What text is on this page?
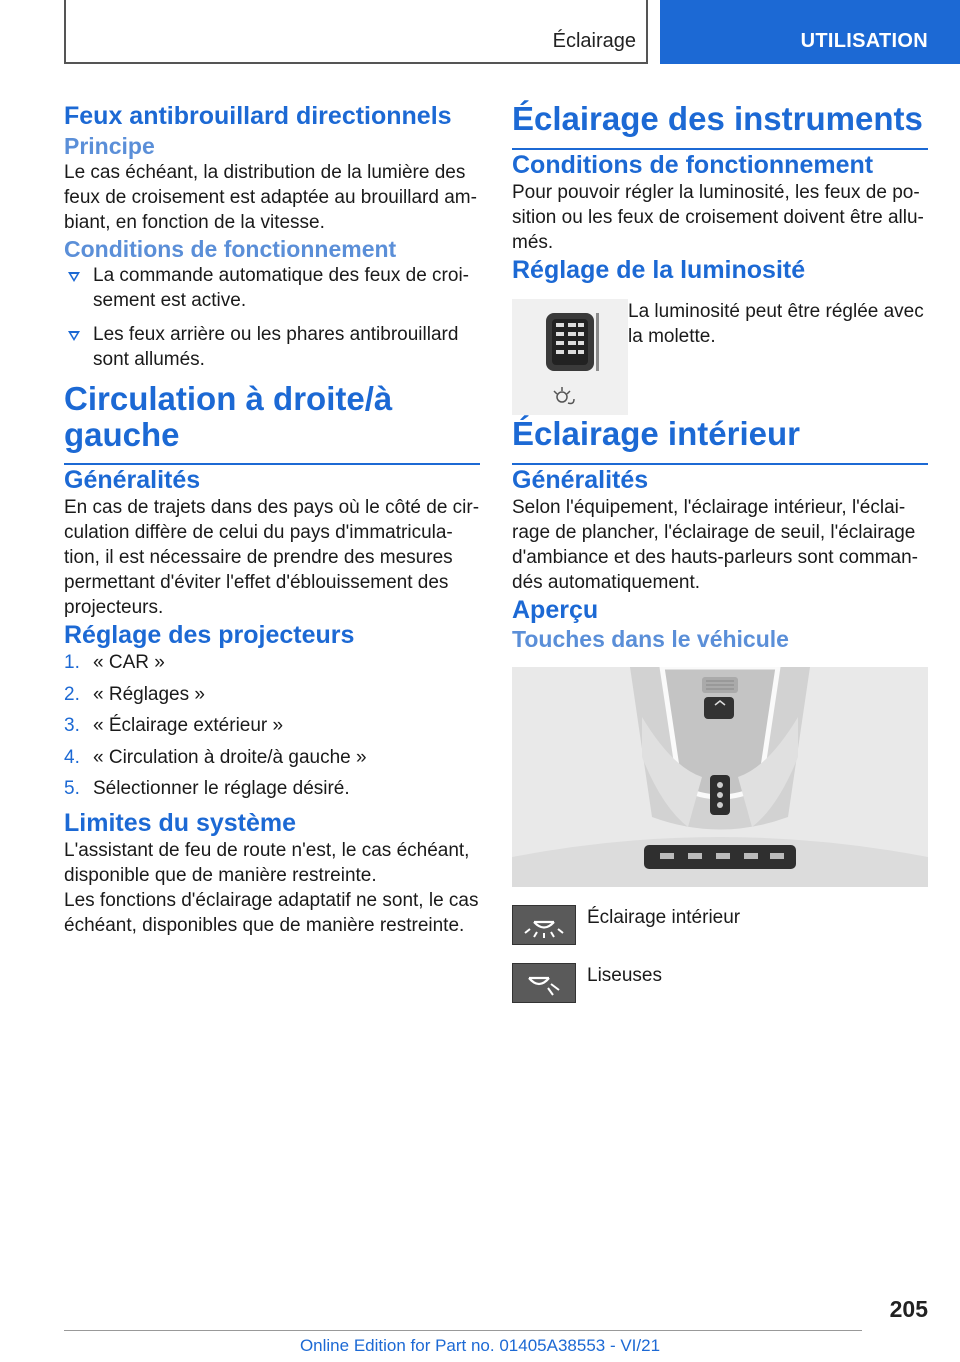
Éclairage	UTILISATION
Feux antibrouillard directionnels
Principe

Le cas échéant, la distribution de la lumière des feux de croisement est adaptée au brouillard am-biant, en fonction de la vitesse.

Conditions de fonctionnement
La commande automatique des feux de croi-sement est active.
Les feux arrière ou les phares antibrouillard sont allumés.
Circulation à droite/à gauche
Généralités

En cas de trajets dans des pays où le côté de cir-culation diffère de celui du pays d'immatricula-tion, il est nécessaire de prendre des mesures permettant d'éviter l'effet d'éblouissement des projecteurs.

Réglage des projecteurs
1. « CAR »
2. « Réglages »
3. « Éclairage extérieur »
4. « Circulation à droite/à gauche »
5. Sélectionner le réglage désiré.
Limites du système

L'assistant de feu de route n'est, le cas échéant, disponible que de manière restreinte.

Les fonctions d'éclairage adaptatif ne sont, le cas échéant, disponibles que de manière restreinte.

Éclairage des instruments
Conditions de fonctionnement

Pour pouvoir régler la luminosité, les feux de po-sition ou les feux de croisement doivent être allu-més.

Réglage de la luminosité

La luminosité peut être réglée avec la molette.

Éclairage intérieur
Généralités

Selon l'équipement, l'éclairage intérieur, l'éclai-rage de plancher, l'éclairage de seuil, l'éclairage d'ambiance et des hauts-parleurs sont comman-dés automatiquement.

Aperçu
Touches dans le véhicule
Éclairage intérieur
Liseuses
205
Online Edition for Part no. 01405A38553 - VI/21
